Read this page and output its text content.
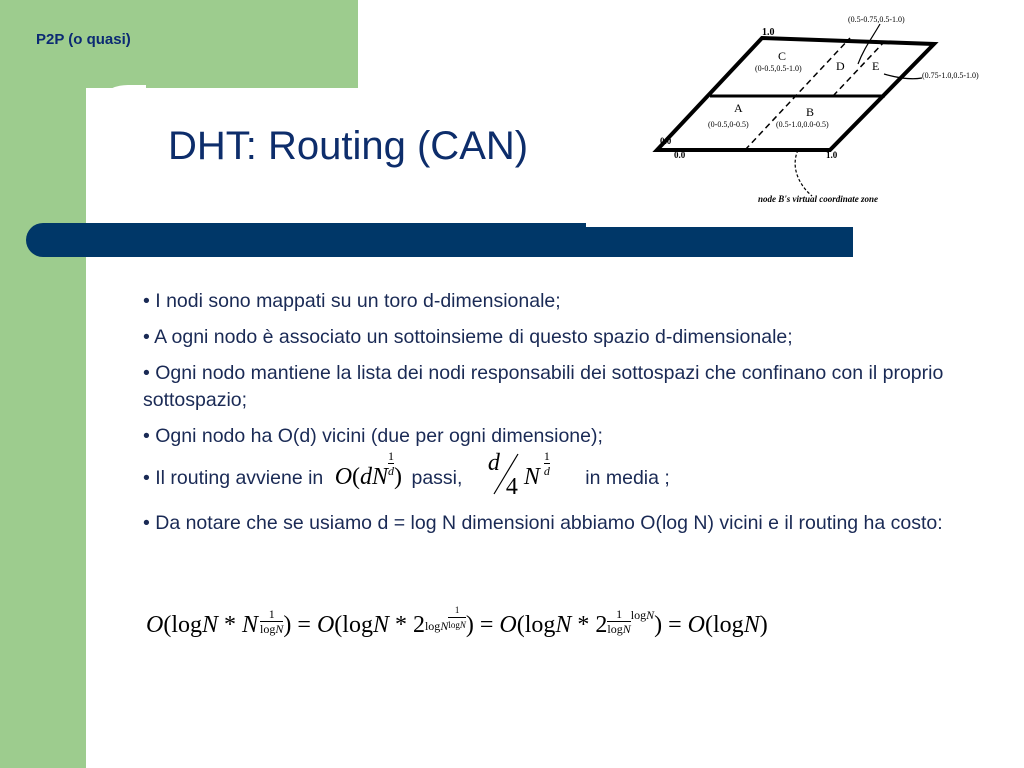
P2P (o quasi)
DHT: Routing (CAN)
1.0
(0.5-0.75,0.5-1.0)
(0.75-1.0,0.5-1.0)
C
(0-0.5,0.5-1.0)	D E
A
(0-0.5,0-0.5)
B
(0.5-1.0,0.0-0.5)
0.0
0.0	1.0
node B's virtual coordinate zone

• I nodi sono mappati su un toro d-dimensionale;

• A ogni nodo è associato un sottoinsieme di questo spazio d-dimensionale;

• Ogni nodo mantiene la lista dei nodi responsabili dei sottospazi che confinano con il proprio sottospazio;

• Ogni nodo ha O(d) vicini (due per ogni dimensione);

• Il routing avviene in O(dN
$\frac{1}{d}$
) passi,
d
4 N
1
d in media ;

• Da notare che se usiamo d = log N dimensioni abbiamo O(log N) vicini e il routing ha costo:

O(logN * N $\frac{1}{\log N}$ ) = O(logN * 2
logN $\frac{1}{\log N}$ ) = $O(\log N * 2 \frac{1}{\log N} ^{logN}) = O(\log N)$
